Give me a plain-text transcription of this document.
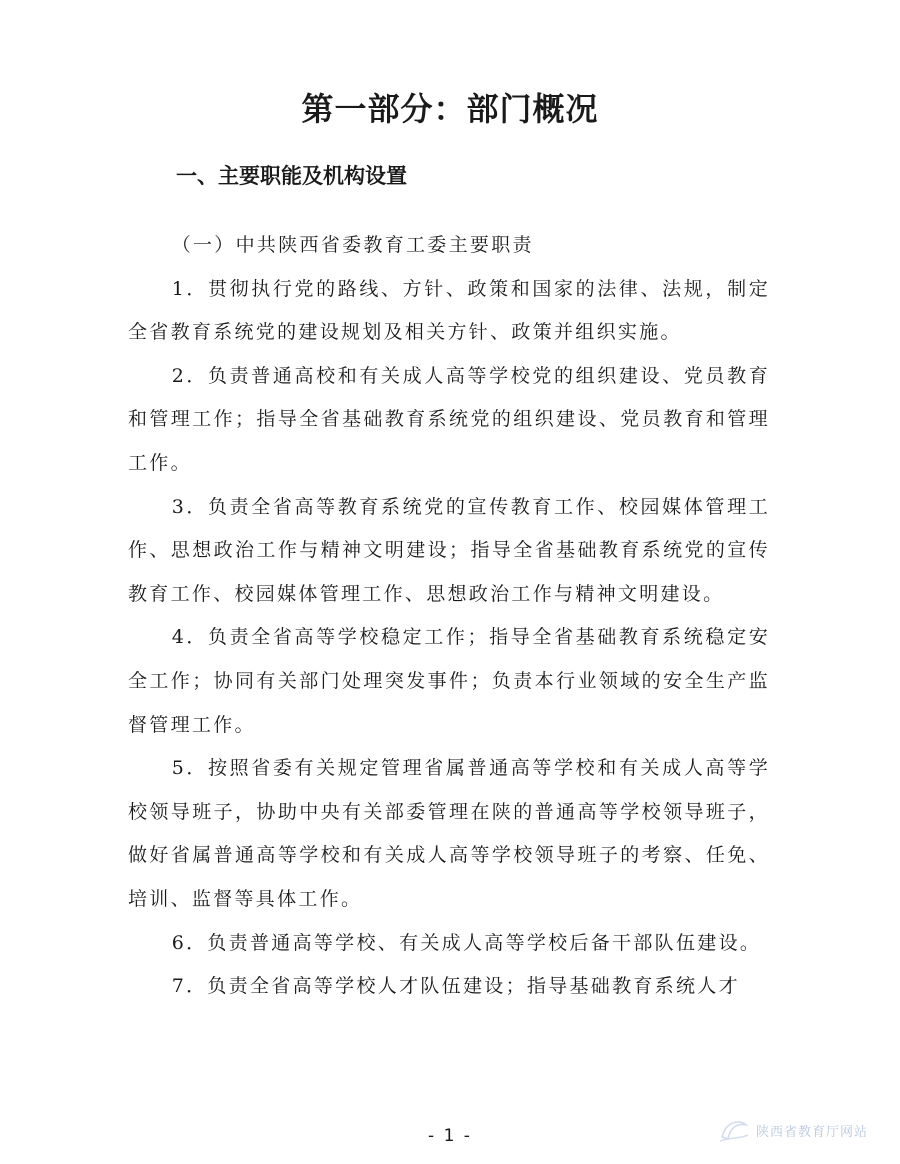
第一部分：部门概况
一、主要职能及机构设置

（一）中共陕西省委教育工委主要职责

1．贯彻执行党的路线、方针、政策和国家的法律、法规，制定全省教育系统党的建设规划及相关方针、政策并组织实施。

2．负责普通高校和有关成人高等学校党的组织建设、党员教育和管理工作；指导全省基础教育系统党的组织建设、党员教育和管理工作。

3．负责全省高等教育系统党的宣传教育工作、校园媒体管理工作、思想政治工作与精神文明建设；指导全省基础教育系统党的宣传教育工作、校园媒体管理工作、思想政治工作与精神文明建设。

4．负责全省高等学校稳定工作；指导全省基础教育系统稳定安全工作；协同有关部门处理突发事件；负责本行业领域的安全生产监督管理工作。

5．按照省委有关规定管理省属普通高等学校和有关成人高等学校领导班子，协助中央有关部委管理在陕的普通高等学校领导班子，做好省属普通高等学校和有关成人高等学校领导班子的考察、任免、培训、监督等具体工作。

6．负责普通高等学校、有关成人高等学校后备干部队伍建设。

7．负责全省高等学校人才队伍建设；指导基础教育系统人才

- 1 -	陕西省教育厅网站
